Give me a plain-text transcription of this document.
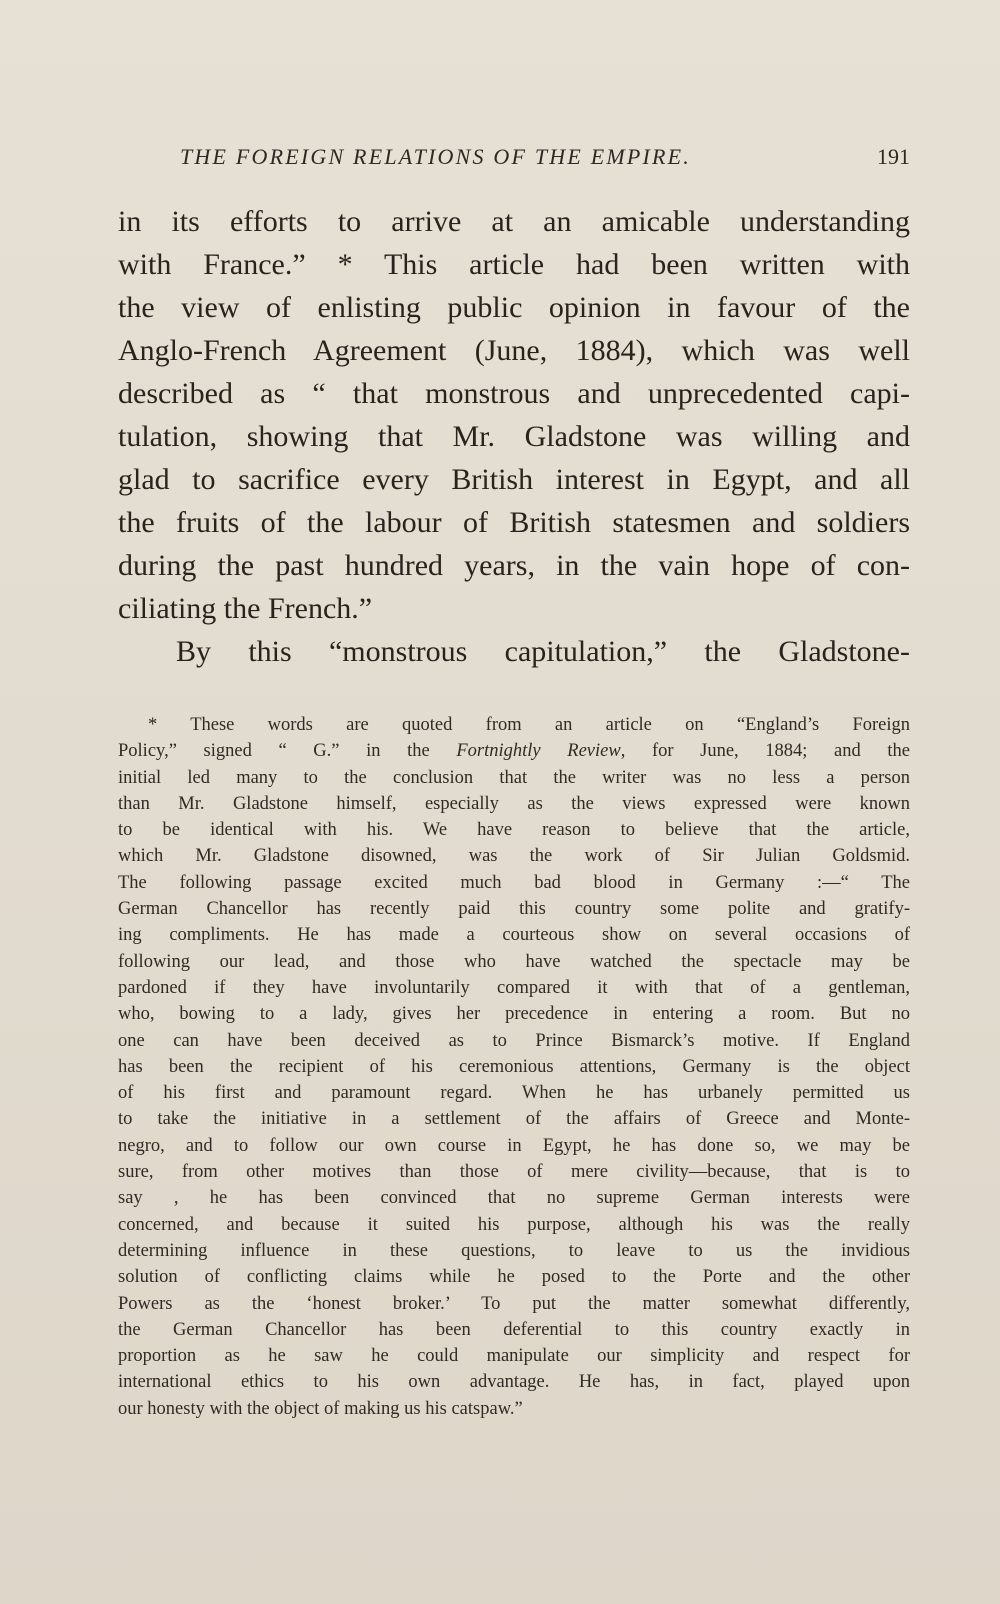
THE FOREIGN RELATIONS OF THE EMPIRE.	191
in its efforts to arrive at an amicable understanding
with France.” * This article had been written with
the view of enlisting public opinion in favour of the
Anglo-French Agreement (June, 1884), which was well
described as “ that monstrous and unprecedented capi-
tulation, showing that Mr. Gladstone was willing and
glad to sacrifice every British interest in Egypt, and all
the fruits of the labour of British statesmen and soldiers
during the past hundred years, in the vain hope of con-
ciliating the French.”
By this “monstrous capitulation,” the Gladstone-
* These words are quoted from an article on “England’s Foreign
Policy,” signed “ G.” in the Fortnightly Review, for June, 1884; and the
initial led many to the conclusion that the writer was no less a person
than Mr. Gladstone himself, especially as the views expressed were known
to be identical with his. We have reason to believe that the article,
which Mr. Gladstone disowned, was the work of Sir Julian Goldsmid.
The following passage excited much bad blood in Germany :—“ The
German Chancellor has recently paid this country some polite and gratify-
ing compliments. He has made a courteous show on several occasions of
following our lead, and those who have watched the spectacle may be
pardoned if they have involuntarily compared it with that of a gentleman,
who, bowing to a lady, gives her precedence in entering a room. But no
one can have been deceived as to Prince Bismarck’s motive. If England
has been the recipient of his ceremonious attentions, Germany is the object
of his first and paramount regard. When he has urbanely permitted us
to take the initiative in a settlement of the affairs of Greece and Monte-
negro, and to follow our own course in Egypt, he has done so, we may be
sure, from other motives than those of mere civility—because, that is to
say , he has been convinced that no supreme German interests were
concerned, and because it suited his purpose, although his was the really
determining influence in these questions, to leave to us the invidious
solution of conflicting claims while he posed to the Porte and the other
Powers as the ‘honest broker.’ To put the matter somewhat differently,
the German Chancellor has been deferential to this country exactly in
proportion as he saw he could manipulate our simplicity and respect for
international ethics to his own advantage. He has, in fact, played upon
our honesty with the object of making us his catspaw.”
